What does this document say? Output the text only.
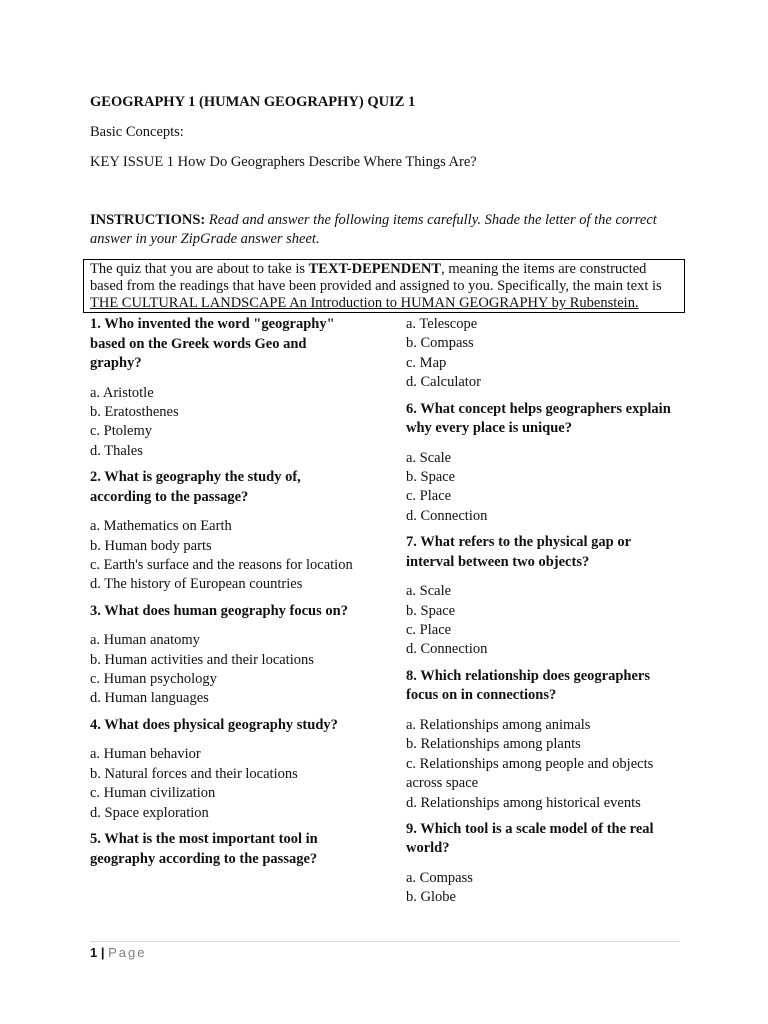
GEOGRAPHY 1 (HUMAN GEOGRAPHY) QUIZ 1
Basic Concepts:
KEY ISSUE 1 How Do Geographers Describe Where Things Are?
INSTRUCTIONS: Read and answer the following items carefully. Shade the letter of the correct answer in your ZipGrade answer sheet.
The quiz that you are about to take is TEXT-DEPENDENT, meaning the items are constructed based from the readings that have been provided and assigned to you. Specifically, the main text is THE CULTURAL LANDSCAPE An Introduction to HUMAN GEOGRAPHY by Rubenstein.
1. Who invented the word "geography" based on the Greek words Geo and graphy?
a. Aristotle
b. Eratosthenes
c. Ptolemy
d. Thales
2. What is geography the study of, according to the passage?
a. Mathematics on Earth
b. Human body parts
c. Earth's surface and the reasons for location
d. The history of European countries
3. What does human geography focus on?
a. Human anatomy
b. Human activities and their locations
c. Human psychology
d. Human languages
4. What does physical geography study?
a. Human behavior
b. Natural forces and their locations
c. Human civilization
d. Space exploration
5. What is the most important tool in geography according to the passage?
a. Telescope
b. Compass
c. Map
d. Calculator
6. What concept helps geographers explain why every place is unique?
a. Scale
b. Space
c. Place
d. Connection
7. What refers to the physical gap or interval between two objects?
a. Scale
b. Space
c. Place
d. Connection
8. Which relationship does geographers focus on in connections?
a. Relationships among animals
b. Relationships among plants
c. Relationships among people and objects across space
d. Relationships among historical events
9. Which tool is a scale model of the real world?
a. Compass
b. Globe
1 | Page
